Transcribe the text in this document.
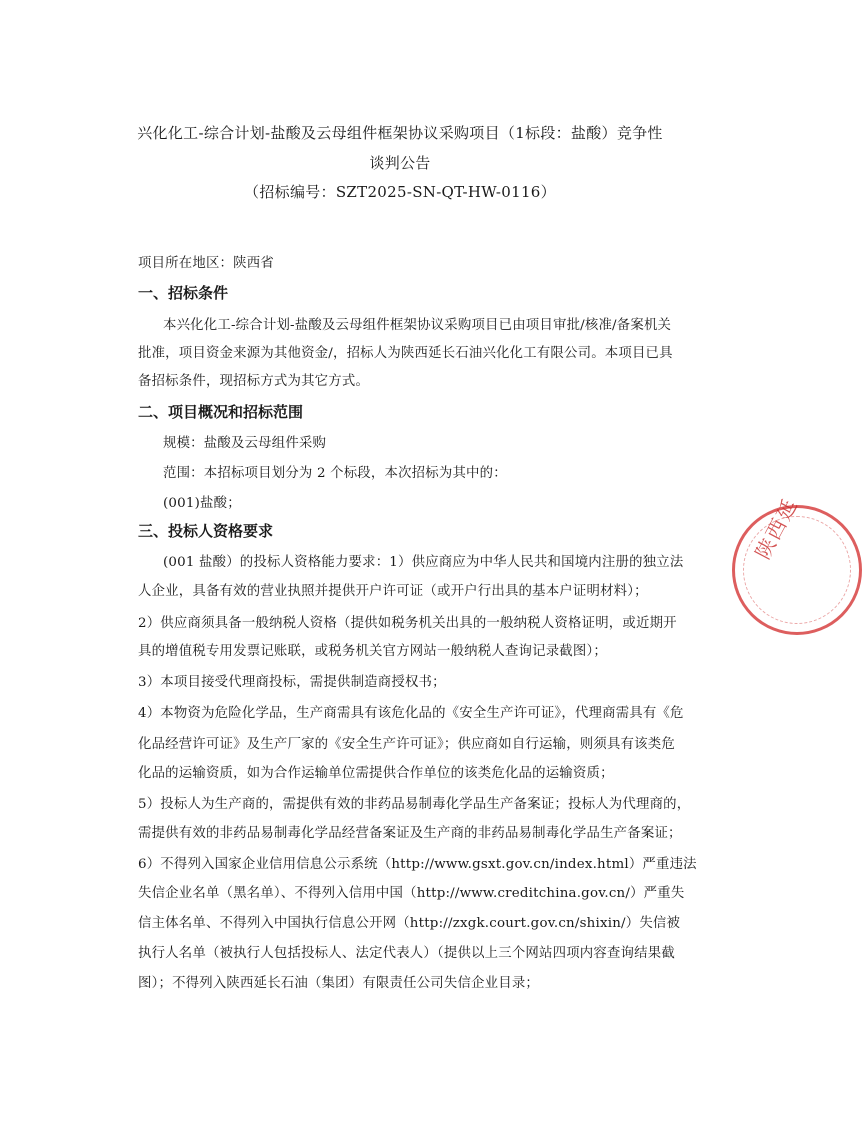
兴化化工-综合计划-盐酸及云母组件框架协议采购项目（1标段：盐酸）竞争性
谈判公告
（招标编号：SZT2025-SN-QT-HW-0116）
项目所在地区：陕西省
一、招标条件
本兴化化工-综合计划-盐酸及云母组件框架协议采购项目已由项目审批/核准/备案机关
批准，项目资金来源为其他资金/，招标人为陕西延长石油兴化化工有限公司。本项目已具
备招标条件，现招标方式为其它方式。
二、项目概况和招标范围
规模：盐酸及云母组件采购
范围：本招标项目划分为 2 个标段，本次招标为其中的：
(001)盐酸；
三、投标人资格要求
(001 盐酸）的投标人资格能力要求：1）供应商应为中华人民共和国境内注册的独立法
人企业，具备有效的营业执照并提供开户许可证（或开户行出具的基本户证明材料）；
2）供应商须具备一般纳税人资格（提供如税务机关出具的一般纳税人资格证明，或近期开
具的增值税专用发票记账联，或税务机关官方网站一般纳税人查询记录截图）；
3）本项目接受代理商投标，需提供制造商授权书；
4）本物资为危险化学品，生产商需具有该危化品的《安全生产许可证》，代理商需具有《危
化品经营许可证》及生产厂家的《安全生产许可证》；供应商如自行运输，则须具有该类危
化品的运输资质，如为合作运输单位需提供合作单位的该类危化品的运输资质；
5）投标人为生产商的，需提供有效的非药品易制毒化学品生产备案证；投标人为代理商的，
需提供有效的非药品易制毒化学品经营备案证及生产商的非药品易制毒化学品生产备案证；
6）不得列入国家企业信用信息公示系统（http://www.gsxt.gov.cn/index.html）严重违法
失信企业名单（黑名单）、不得列入信用中国（http://www.creditchina.gov.cn/）严重失
信主体名单、不得列入中国执行信息公开网（http://zxgk.court.gov.cn/shixin/）失信被
执行人名单（被执行人包括投标人、法定代表人）（提供以上三个网站四项内容查询结果截
图）；不得列入陕西延长石油（集团）有限责任公司失信企业目录；
陕西延
